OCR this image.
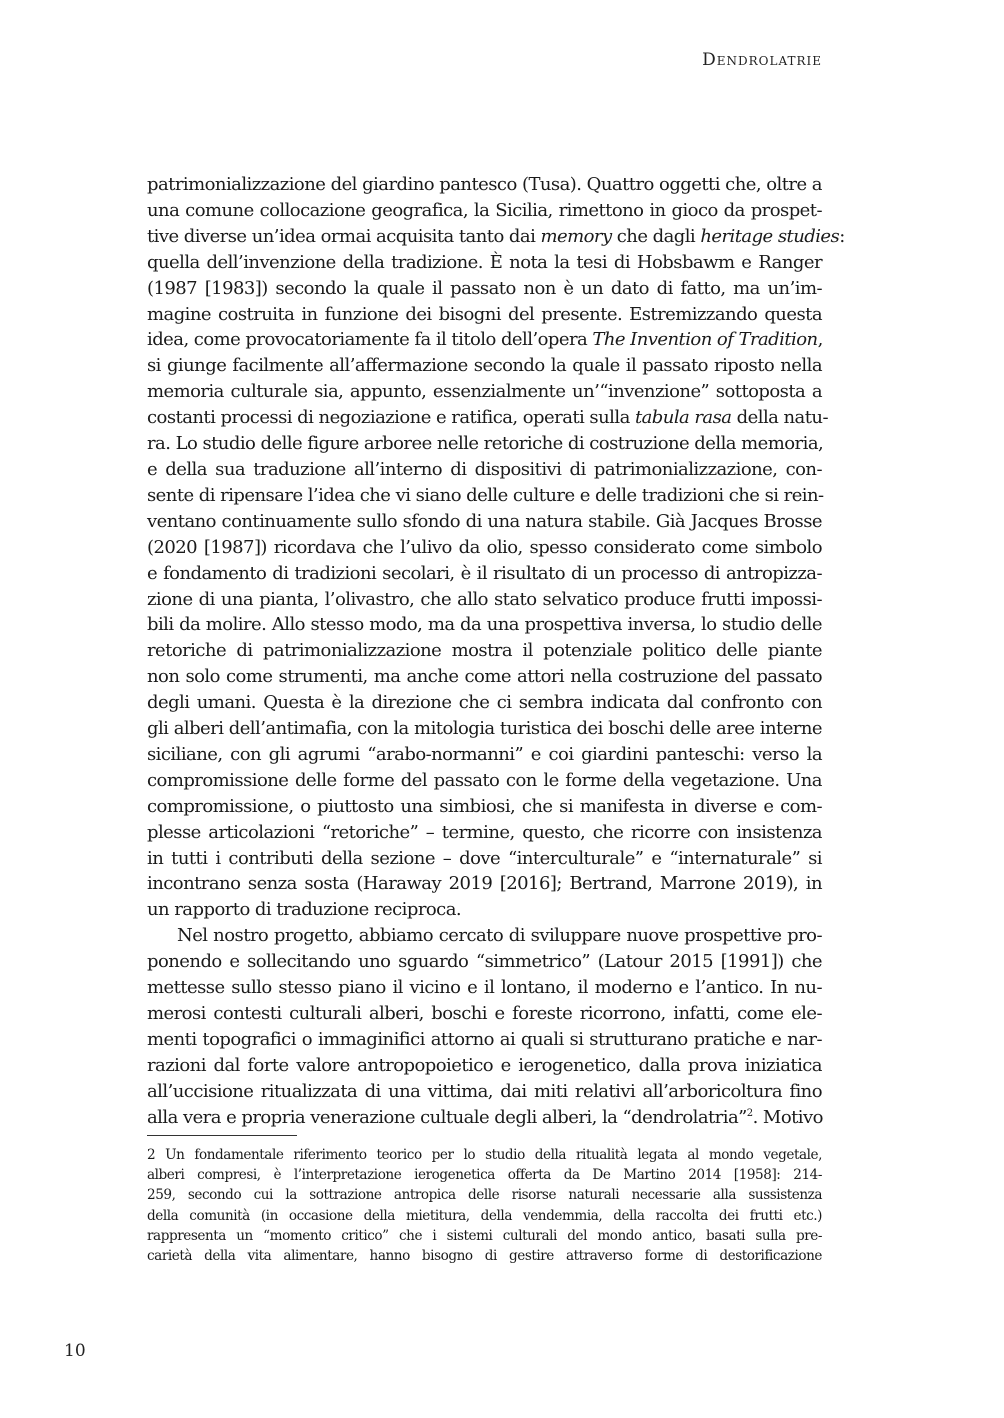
Dendrolatrie
patrimonializzazione del giardino pantesco (Tusa). Quattro oggetti che, oltre a
una comune collocazione geografica, la Sicilia, rimettono in gioco da prospet-
tive diverse un’idea ormai acquisita tanto dai memory che dagli heritage studies:
quella dell’invenzione della tradizione. È nota la tesi di Hobsbawm e Ranger
(1987 [1983]) secondo la quale il passato non è un dato di fatto, ma un’im-
magine costruita in funzione dei bisogni del presente. Estremizzando questa
idea, come provocatoriamente fa il titolo dell’opera The Invention of Tradition,
si giunge facilmente all’affermazione secondo la quale il passato riposto nella
memoria culturale sia, appunto, essenzialmente un’“invenzione” sottoposta a
costanti processi di negoziazione e ratifica, operati sulla tabula rasa della natu-
ra. Lo studio delle figure arboree nelle retoriche di costruzione della memoria,
e della sua traduzione all’interno di dispositivi di patrimonializzazione, con-
sente di ripensare l’idea che vi siano delle culture e delle tradizioni che si rein-
ventano continuamente sullo sfondo di una natura stabile. Già Jacques Brosse
(2020 [1987]) ricordava che l’ulivo da olio, spesso considerato come simbolo
e fondamento di tradizioni secolari, è il risultato di un processo di antropizza-
zione di una pianta, l’olivastro, che allo stato selvatico produce frutti impossi-
bili da molire. Allo stesso modo, ma da una prospettiva inversa, lo studio delle
retoriche di patrimonializzazione mostra il potenziale politico delle piante
non solo come strumenti, ma anche come attori nella costruzione del passato
degli umani. Questa è la direzione che ci sembra indicata dal confronto con
gli alberi dell’antimafia, con la mitologia turistica dei boschi delle aree interne
siciliane, con gli agrumi “arabo-normanni” e coi giardini panteschi: verso la
compromissione delle forme del passato con le forme della vegetazione. Una
compromissione, o piuttosto una simbiosi, che si manifesta in diverse e com-
plesse articolazioni “retoriche” – termine, questo, che ricorre con insistenza
in tutti i contributi della sezione – dove “interculturale” e “internaturale” si
incontrano senza sosta (Haraway 2019 [2016]; Bertrand, Marrone 2019), in
un rapporto di traduzione reciproca.
Nel nostro progetto, abbiamo cercato di sviluppare nuove prospettive pro-
ponendo e sollecitando uno sguardo “simmetrico” (Latour 2015 [1991]) che
mettesse sullo stesso piano il vicino e il lontano, il moderno e l’antico. In nu-
merosi contesti culturali alberi, boschi e foreste ricorrono, infatti, come ele-
menti topografici o immaginifici attorno ai quali si strutturano pratiche e nar-
razioni dal forte valore antropopoietico e ierogenetico, dalla prova iniziatica
all’uccisione ritualizzata di una vittima, dai miti relativi all’arboricoltura fino
alla vera e propria venerazione cultuale degli alberi, la “dendrolatria”$^2$. Motivo
2 Un fondamentale riferimento teorico per lo studio della ritualità legata al mondo vegetale,
alberi compresi, è l’interpretazione ierogenetica offerta da De Martino 2014 [1958]: 214-
259, secondo cui la sottrazione antropica delle risorse naturali necessarie alla sussistenza
della comunità (in occasione della mietitura, della vendemmia, della raccolta dei frutti etc.)
rappresenta un “momento critico” che i sistemi culturali del mondo antico, basati sulla pre-
carietà della vita alimentare, hanno bisogno di gestire attraverso forme di destorificazione
10
